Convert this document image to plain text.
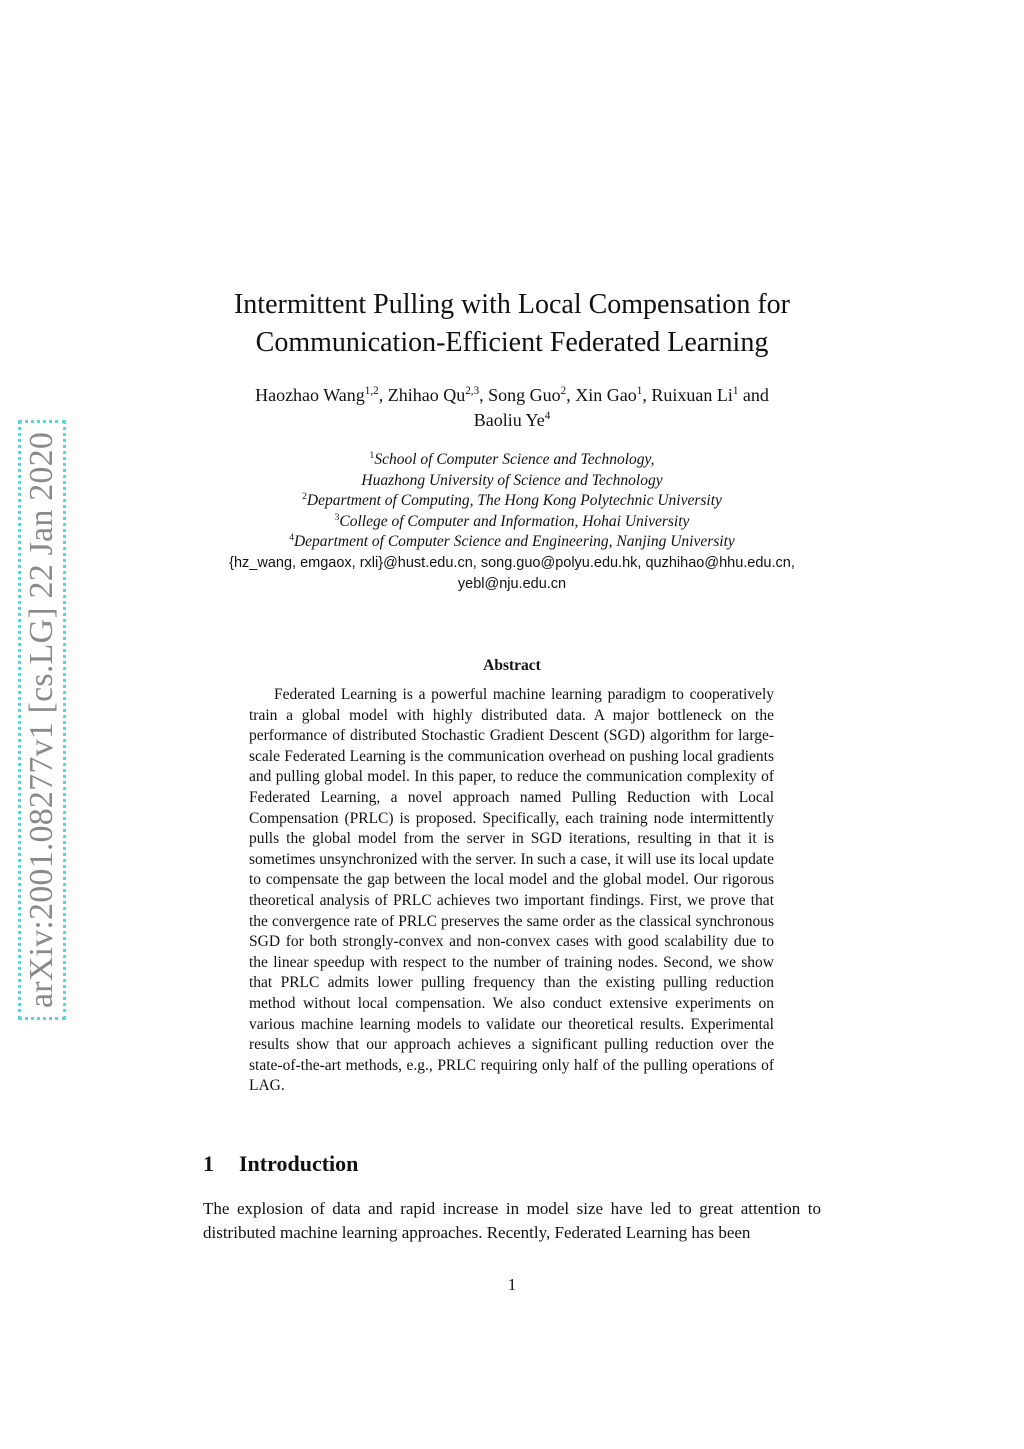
arXiv:2001.08277v1 [cs.LG] 22 Jan 2020
Intermittent Pulling with Local Compensation for
Communication-Efficient Federated Learning
Haozhao Wang$^{1,2}$, Zhihao Qu$^{2,3}$, Song Guo$^2$, Xin Gao$^1$, Ruixuan Li$^1$ and
Baoliu Ye$^4$
$^1$School of Computer Science and Technology,
Huazhong University of Science and Technology
$^2$Department of Computing, The Hong Kong Polytechnic University
$^3$College of Computer and Information, Hohai University
$^4$Department of Computer Science and Engineering, Nanjing University
{hz_wang, emgaox, rxli}@hust.edu.cn, song.guo@polyu.edu.hk, quzhihao@hhu.edu.cn,
yebl@nju.edu.cn
Abstract
Federated Learning is a powerful machine learning paradigm to cooperatively train a global model with highly distributed data. A major bottleneck on the performance of distributed Stochastic Gradient Descent (SGD) algorithm for large-scale Federated Learning is the communication overhead on pushing local gradients and pulling global model. In this paper, to reduce the communication complexity of Federated Learning, a novel approach named Pulling Reduction with Local Compensation (PRLC) is proposed. Specifically, each training node intermittently pulls the global model from the server in SGD iterations, resulting in that it is sometimes unsynchronized with the server. In such a case, it will use its local update to compensate the gap between the local model and the global model. Our rigorous theoretical analysis of PRLC achieves two important findings. First, we prove that the convergence rate of PRLC preserves the same order as the classical synchronous SGD for both strongly-convex and non-convex cases with good scalability due to the linear speedup with respect to the number of training nodes. Second, we show that PRLC admits lower pulling frequency than the existing pulling reduction method without local compensation. We also conduct extensive experiments on various machine learning models to validate our theoretical results. Experimental results show that our approach achieves a significant pulling reduction over the state-of-the-art methods, e.g., PRLC requiring only half of the pulling operations of LAG.
1 Introduction
The explosion of data and rapid increase in model size have led to great attention to distributed machine learning approaches. Recently, Federated Learning has been
1
